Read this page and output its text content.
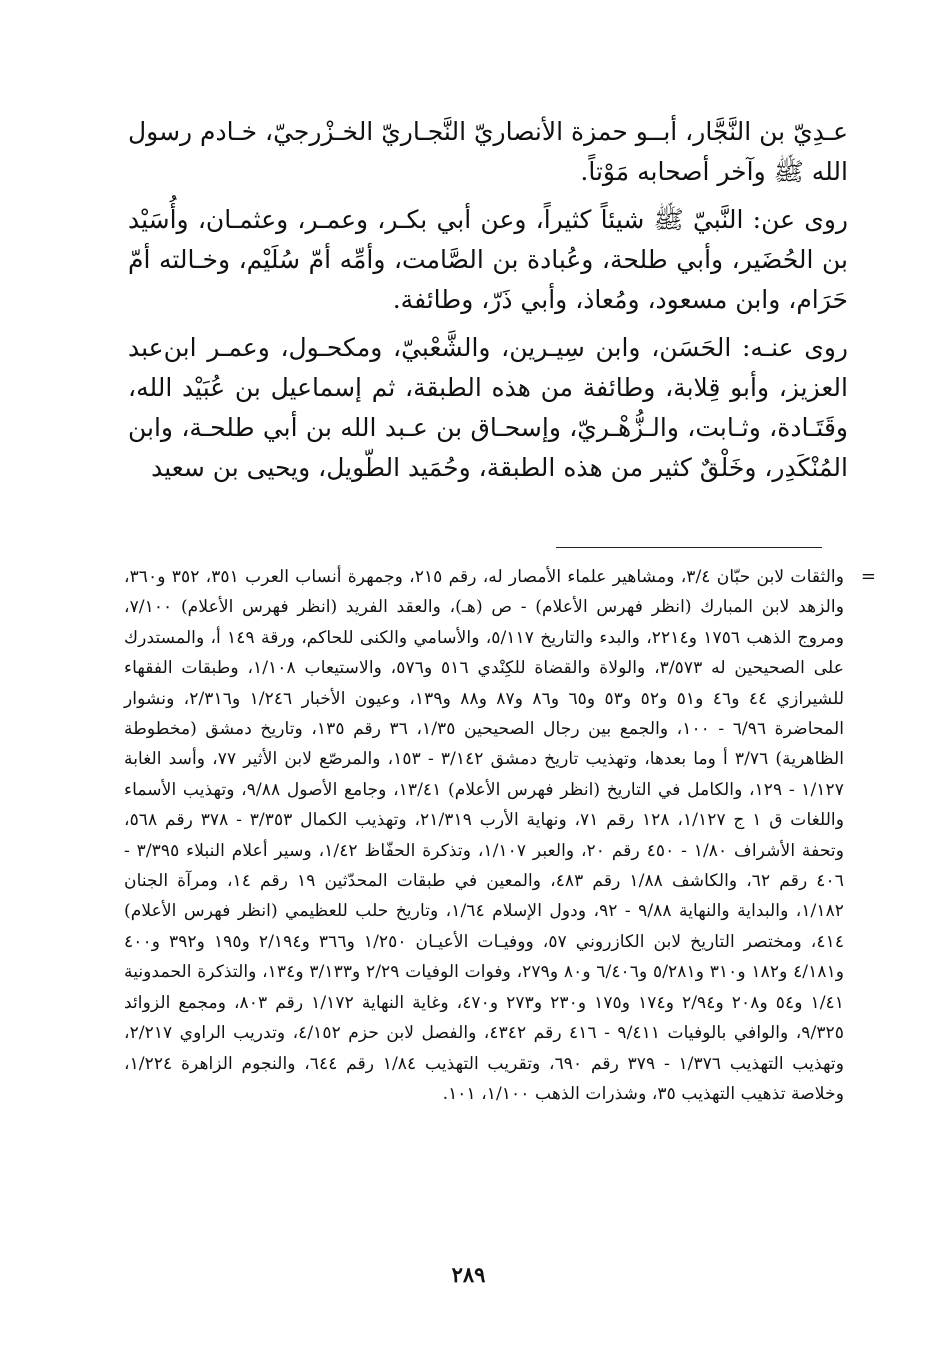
عـدِيّ بن النَّجَّار، أبــو حمزة الأنصاريّ النَّجـاريّ الخـزْرجيّ، خـادم رسول الله ﷺ وآخر أصحابه مَوْتاً.

روى عن: النَّبيّ ﷺ شيئاً كثيراً، وعن أبي بكـر، وعمـر، وعثمـان، وأُسَيْد بن الحُضَير، وأبي طلحة، وعُبادة بن الصَّامت، وأمِّه أمّ سُلَيْم، وخـالته أمّ حَرَام، وابن مسعود، ومُعاذ، وأبي ذَرّ، وطائفة.

روى عنـه: الحَسَن، وابن سِيـرين، والشَّعْبيّ، ومكحـول، وعمـر ابن‌عبد العزيز، وأبو قِلابة، وطائفة من هذه الطبقة، ثم إسماعيل بن عُبَيْد الله، وقَتَـادة، وثـابت، والـزُّهْـريّ، وإسحـاق بن عـبد الله بن أبي طلحـة، وابن المُنْكَدِر، وخَلْقٌ كثير من هذه الطبقة، وحُمَيد الطّويل، ويحيى بن سعيد

=

والثقات لابن حبّان ٣/٤، ومشاهير علماء الأمصار له، رقم ٢١٥، وجمهرة أنساب العرب ٣٥١، ٣٥٢ و٣٦٠، والزهد لابن المبارك (انظر فهرس الأعلام) - ص (هـ)، والعقد الفريد (انظر فهرس الأعلام) ٧/١٠٠، ومروج الذهب ١٧٥٦ و٢٢١٤، والبدء والتاريخ ٥/١١٧، والأسامي والكنى للحاكم، ورقة ١٤٩ أ، والمستدرك على الصحيحين له ٣/٥٧٣، والولاة والقضاة للكِنْدي ٥١٦ و٥٧٦، والاستيعاب ١/١٠٨، وطبقات الفقهاء للشيرازي ٤٤ و٤٦ و٥١ و٥٢ و٥٣ و٦٥ و٨٦ و٨٧ و٨٨ و١٣٩، وعيون الأخبار ١/٢٤٦ و٢/٣١٦، ونشوار المحاضرة ٦/٩٦ - ١٠٠، والجمع بين رجال الصحيحين ١/٣٥، ٣٦ رقم ١٣٥، وتاريخ دمشق (مخطوطة الظاهرية) ٣/٧٦ أ وما بعدها، وتهذيب تاريخ دمشق ٣/١٤٢ - ١٥٣، والمرصّع لابن الأثير ٧٧، وأسد الغابة ١/١٢٧ - ١٢٩، والكامل في التاريخ (انظر فهرس الأعلام) ١٣/٤١، وجامع الأصول ٩/٨٨، وتهذيب الأسماء واللغات ق ١ ج ١/١٢٧، ١٢٨ رقم ٧١، ونهاية الأرب ٢١/٣١٩، وتهذيب الكمال ٣/٣٥٣ - ٣٧٨ رقم ٥٦٨، وتحفة الأشراف ١/٨٠ - ٤٥٠ رقم ٢٠، والعبر ١/١٠٧، وتذكرة الحفّاظ ١/٤٢، وسير أعلام النبلاء ٣/٣٩٥ - ٤٠٦ رقم ٦٢، والكاشف ١/٨٨ رقم ٤٨٣، والمعين في طبقات المحدّثين ١٩ رقم ١٤، ومرآة الجنان ١/١٨٢، والبداية والنهاية ٩/٨٨ - ٩٢، ودول الإسلام ١/٦٤، وتاريخ حلب للعظيمي (انظر فهرس الأعلام) ٤١٤، ومختصر التاريخ لابن الكازروني ٥٧، ووفيـات الأعيـان ١/٢٥٠ و٣٦٦ و٢/١٩٤ و١٩٥ و٣٩٢ و٤٠٠ و٤/١٨١ و١٨٢ و٣١٠ و٥/٢٨١ و٦/٤٠٦ و٨٠ و٢٧٩، وفوات الوفيات ٢/٢٩ و٣/١٣٣ و١٣٤، والتذكرة الحمدونية ١/٤١ و٥٤ و٢٠٨ و٢/٩٤ و١٧٤ و١٧٥ و٢٣٠ و٢٧٣ و٤٧٠، وغاية النهاية ١/١٧٢ رقم ٨٠٣، ومجمع الزوائد ٩/٣٢٥، والوافي بالوفيات ٩/٤١١ - ٤١٦ رقم ٤٣٤٢، والفصل لابن حزم ٤/١٥٢، وتدريب الراوي ٢/٢١٧، وتهذيب التهذيب ١/٣٧٦ - ٣٧٩ رقم ٦٩٠، وتقريب التهذيب ١/٨٤ رقم ٦٤٤، والنجوم الزاهرة ١/٢٢٤، وخلاصة تذهيب التهذيب ٣٥، وشذرات الذهب ١/١٠٠، ١٠١.

٢٨٩
